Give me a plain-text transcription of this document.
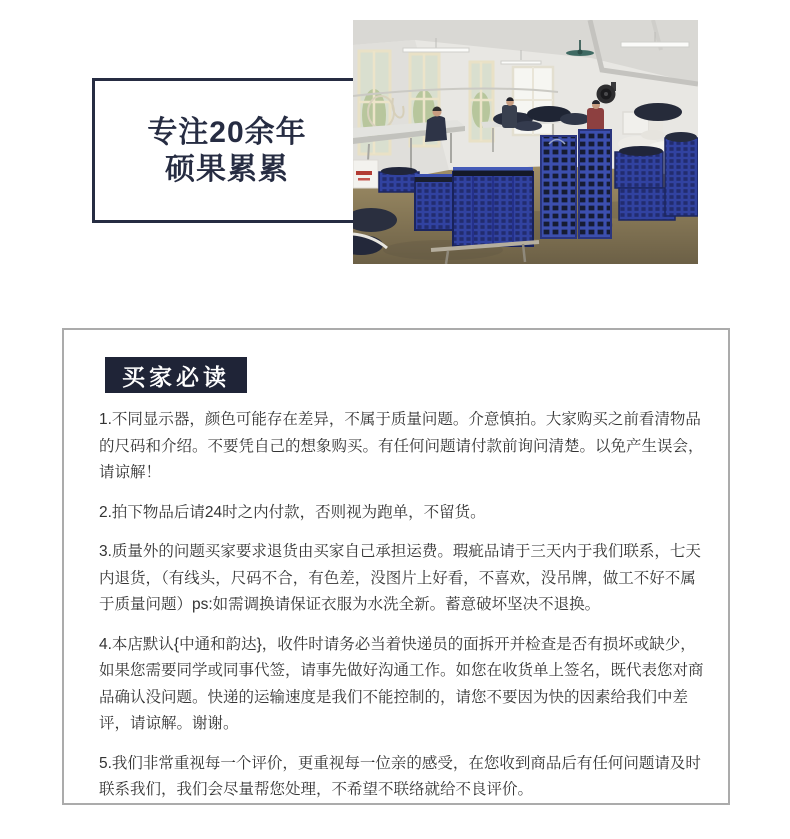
专注20余年
硕果累累
买家必读

1.不同显示器，颜色可能存在差异，不属于质量问题。介意慎拍。大家购买之前看清物品的尺码和介绍。不要凭自己的想象购买。有任何问题请付款前询问清楚。以免产生误会，请谅解！

2.拍下物品后请24时之内付款，否则视为跑单，不留货。

3.质量外的问题买家要求退货由买家自己承担运费。瑕疵品请于三天内于我们联系，七天内退货，（有线头，尺码不合，有色差，没图片上好看，不喜欢，没吊牌，做工不好不属于质量问题）ps:如需调换请保证衣服为水洗全新。蓄意破坏坚决不退换。

4.本店默认{中通和韵达}，收件时请务必当着快递员的面拆开并检查是否有损坏或缺少，如果您需要同学或同事代签，请事先做好沟通工作。如您在收货单上签名，既代表您对商品确认没问题。快递的运输速度是我们不能控制的，请您不要因为快的因素给我们中差评，请谅解。谢谢。

5.我们非常重视每一个评价，更重视每一位亲的感受，在您收到商品后有任何问题请及时联系我们，我们会尽量帮您处理，不希望不联络就给不良评价。
